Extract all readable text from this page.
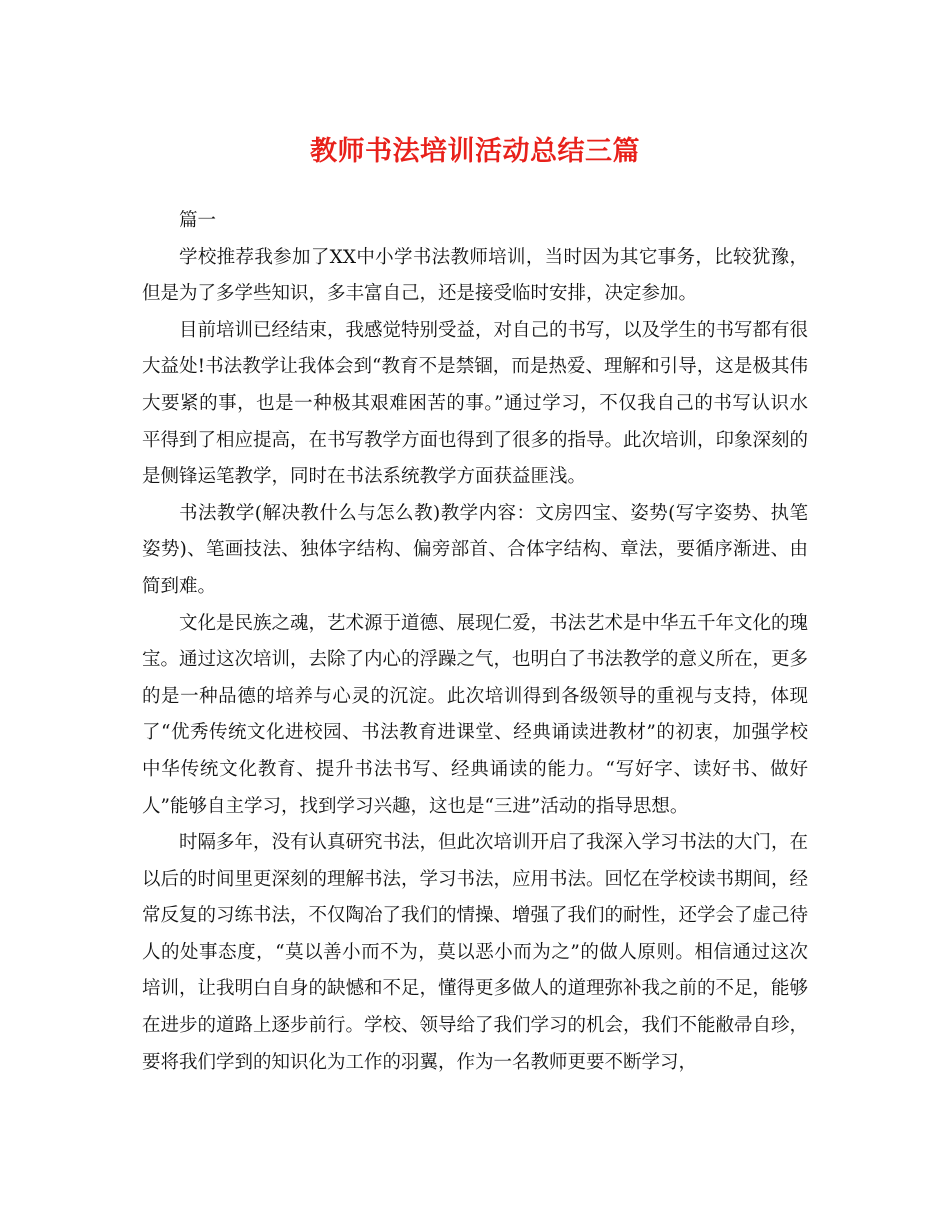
教师书法培训活动总结三篇

篇一

学校推荐我参加了XX中小学书法教师培训，当时因为其它事务，比较犹豫，但是为了多学些知识，多丰富自己，还是接受临时安排，决定参加。

目前培训已经结束，我感觉特别受益，对自己的书写，以及学生的书写都有很大益处!书法教学让我体会到“教育不是禁锢，而是热爱、理解和引导，这是极其伟大要紧的事，也是一种极其艰难困苦的事。”通过学习，不仅我自己的书写认识水平得到了相应提高，在书写教学方面也得到了很多的指导。此次培训，印象深刻的是侧锋运笔教学，同时在书法系统教学方面获益匪浅。

书法教学(解决教什么与怎么教)教学内容：文房四宝、姿势(写字姿势、执笔姿势)、笔画技法、独体字结构、偏旁部首、合体字结构、章法，要循序渐进、由简到难。

文化是民族之魂，艺术源于道德、展现仁爱，书法艺术是中华五千年文化的瑰宝。通过这次培训，去除了内心的浮躁之气，也明白了书法教学的意义所在，更多的是一种品德的培养与心灵的沉淀。此次培训得到各级领导的重视与支持，体现了“优秀传统文化进校园、书法教育进课堂、经典诵读进教材”的初衷，加强学校中华传统文化教育、提升书法书写、经典诵读的能力。“写好字、读好书、做好人”能够自主学习，找到学习兴趣，这也是“三进”活动的指导思想。

时隔多年，没有认真研究书法，但此次培训开启了我深入学习书法的大门，在以后的时间里更深刻的理解书法，学习书法，应用书法。回忆在学校读书期间，经常反复的习练书法，不仅陶冶了我们的情操、增强了我们的耐性，还学会了虚己待人的处事态度，“莫以善小而不为，莫以恶小而为之”的做人原则。相信通过这次培训，让我明白自身的缺憾和不足，懂得更多做人的道理弥补我之前的不足，能够在进步的道路上逐步前行。学校、领导给了我们学习的机会，我们不能敝帚自珍，要将我们学到的知识化为工作的羽翼，作为一名教师更要不断学习，
